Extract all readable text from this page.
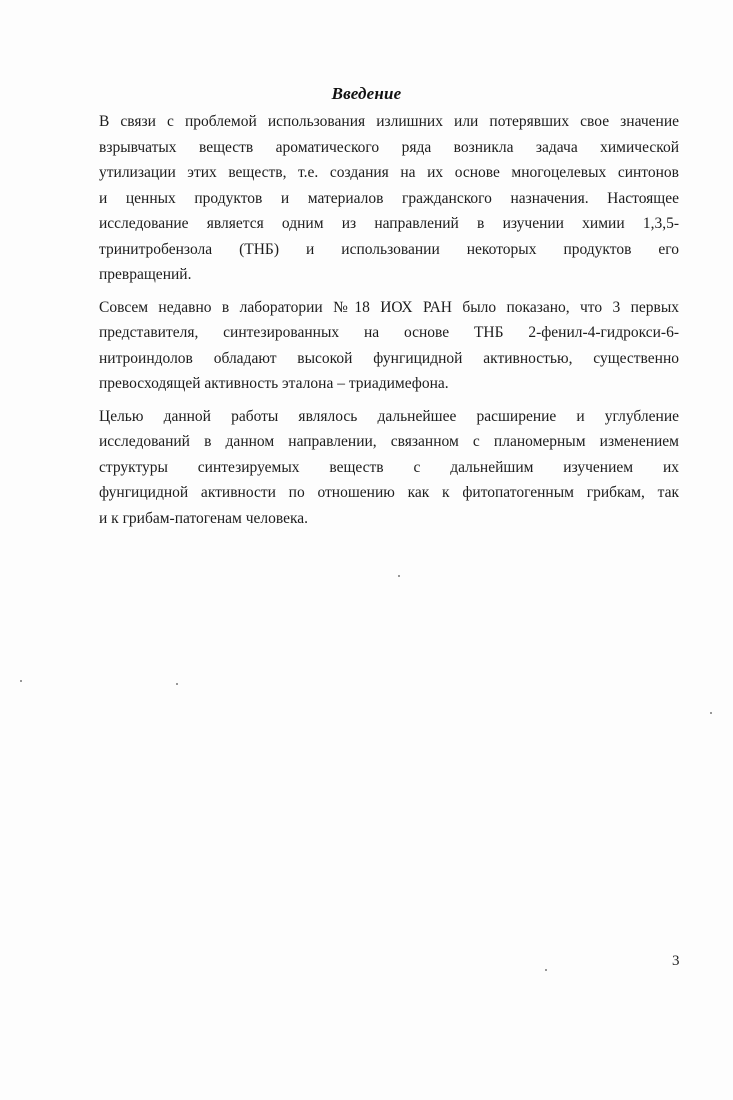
Введение

В связи с проблемой использования излишних или потерявших свое значение
взрывчатых веществ ароматического ряда возникла задача химической
утилизации этих веществ, т.е. создания на их основе многоцелевых синтонов
и ценных продуктов и материалов гражданского назначения. Настоящее
исследование является одним из направлений в изучении химии 1,3,5-
тринитробензола (ТНБ) и использовании некоторых продуктов его
превращений.

Совсем недавно в лаборатории №18 ИОХ РАН было показано, что 3 первых
представителя, синтезированных на основе ТНБ 2-фенил-4-гидрокси-6-
нитроиндолов обладают высокой фунгицидной активностью, существенно
превосходящей активность эталона – триадимефона.

Целью данной работы являлось дальнейшее расширение и углубление
исследований в данном направлении, связанном с планомерным изменением
структуры синтезируемых веществ с дальнейшим изучением их
фунгицидной активности по отношению как к фитопатогенным грибкам, так
и к грибам-патогенам человека.

3
